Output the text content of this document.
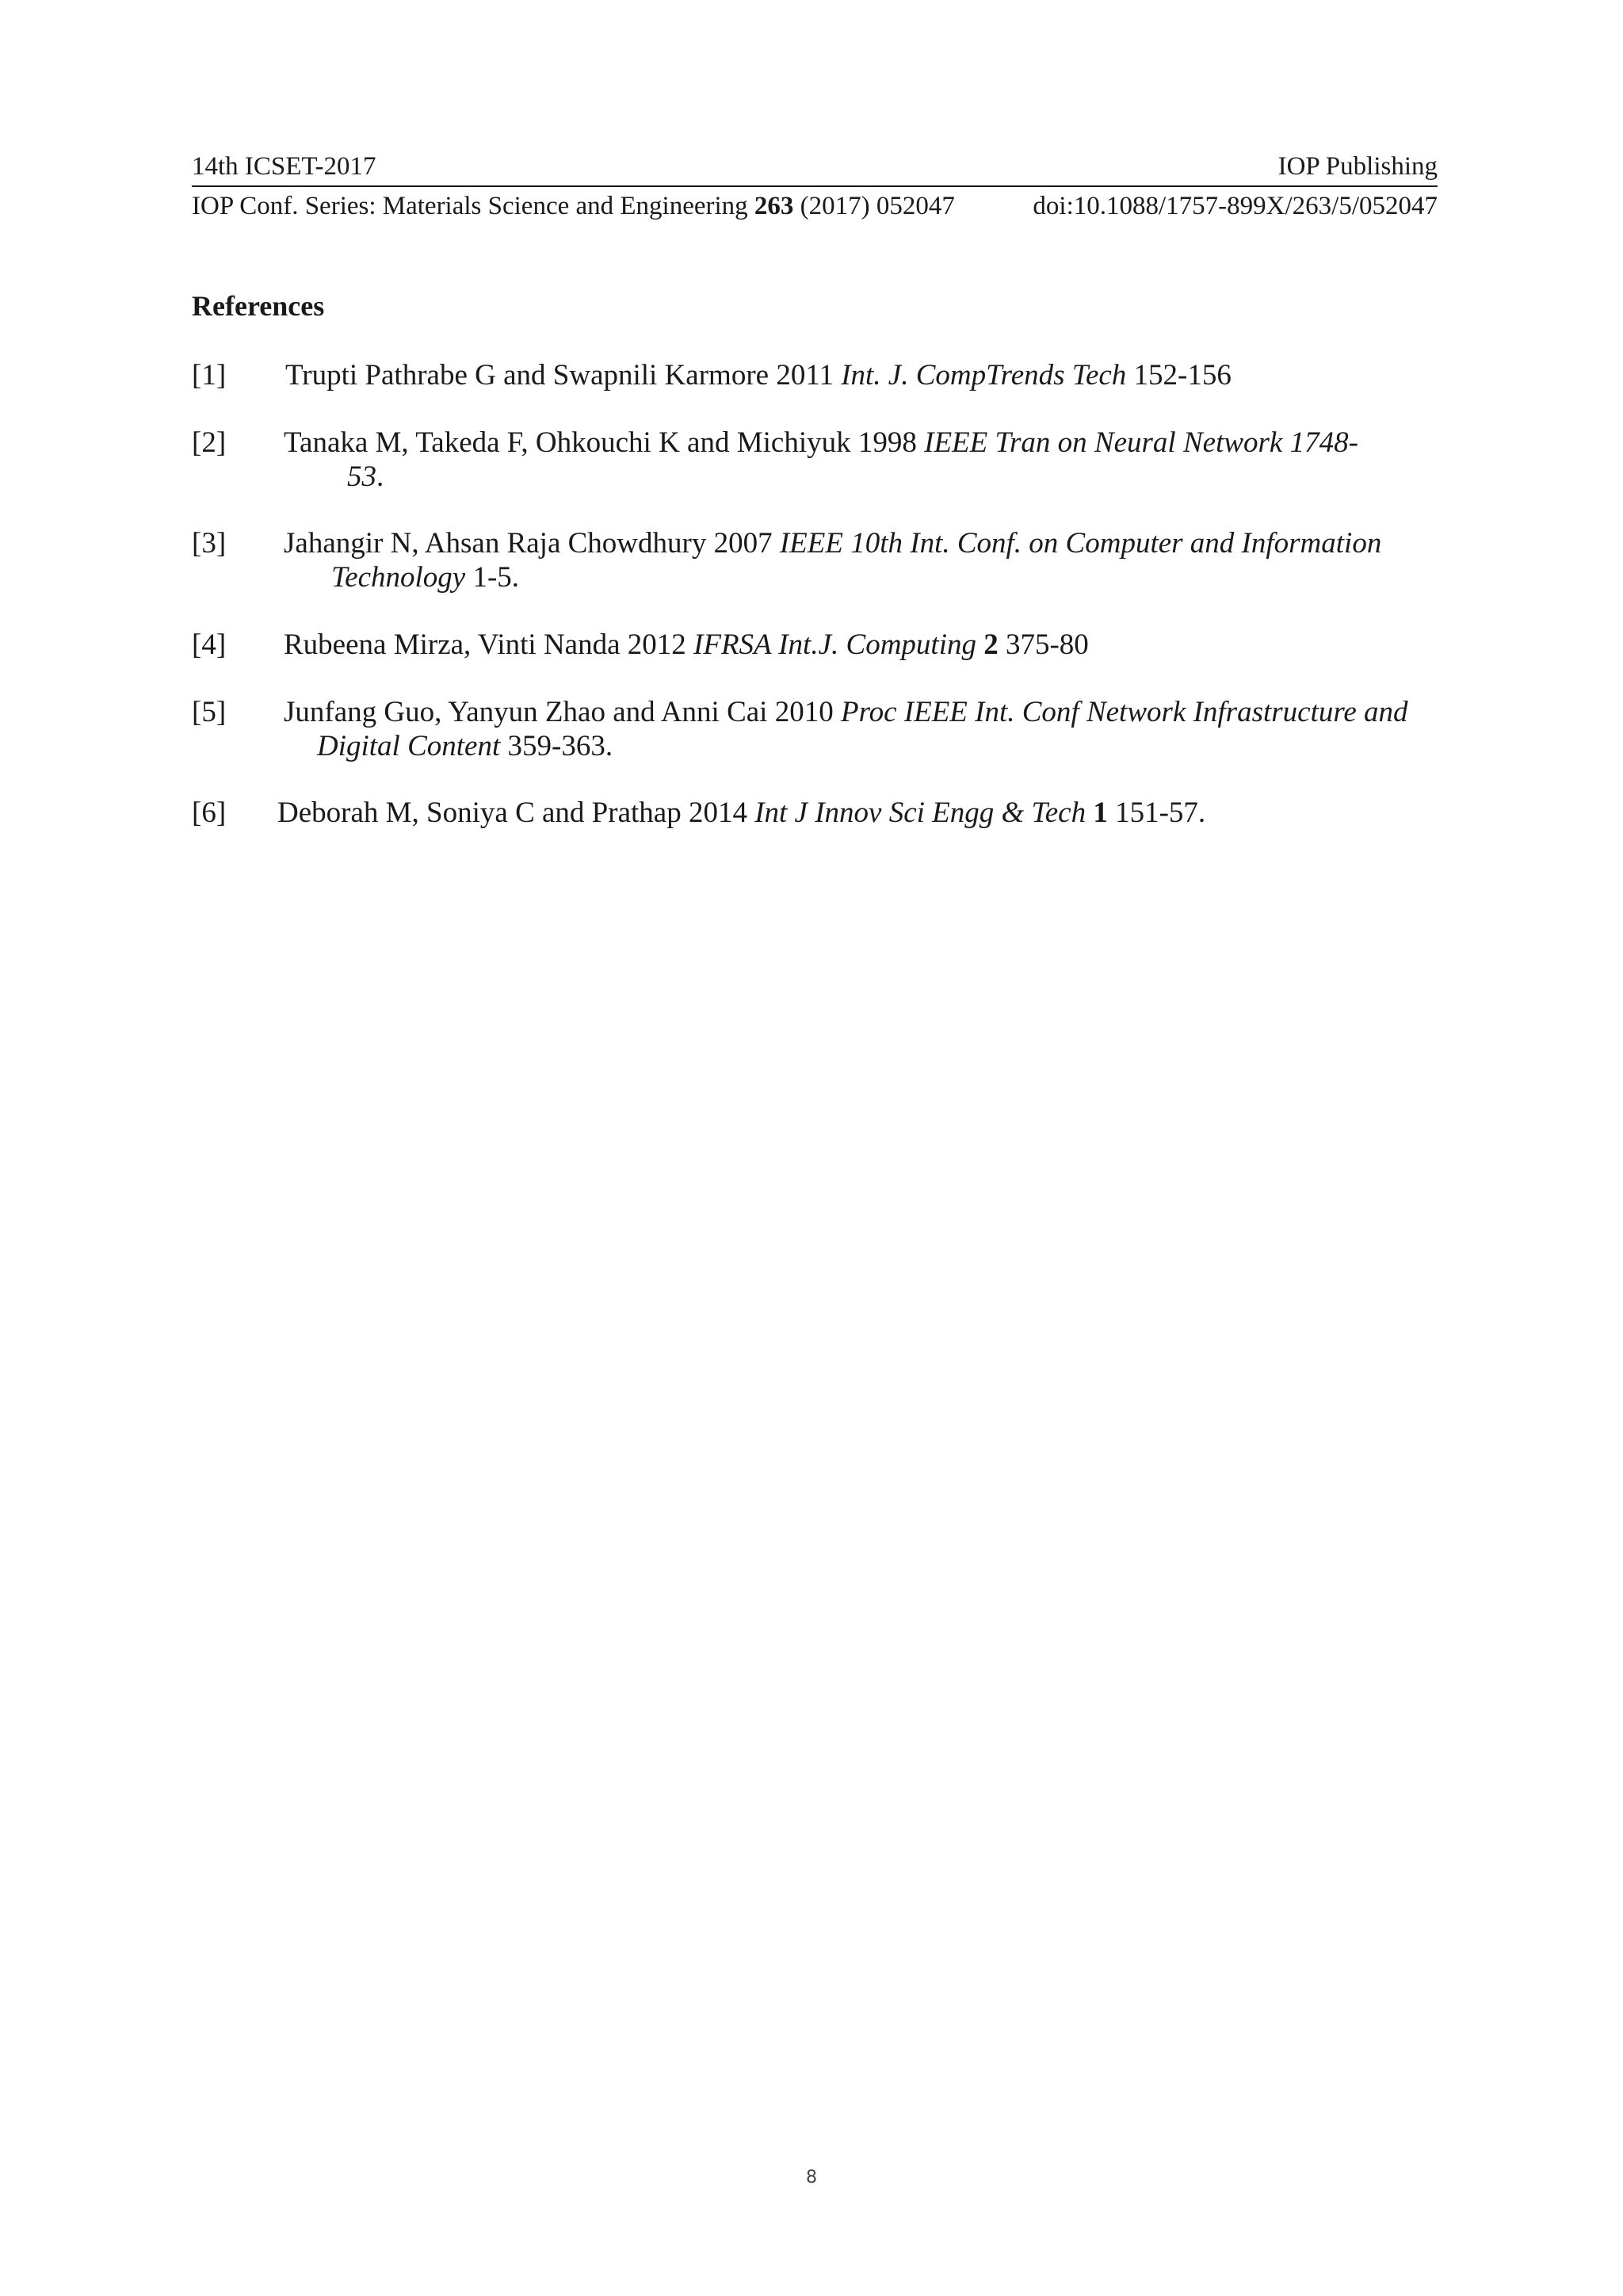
14th ICSET-2017	IOP Publishing
IOP Conf. Series: Materials Science and Engineering 263 (2017) 052047	doi:10.1088/1757-899X/263/5/052047
References
[1]	Trupti Pathrabe G and Swapnili Karmore 2011 Int. J. CompTrends Tech 152-156
[2]	Tanaka M, Takeda F, Ohkouchi K and Michiyuk 1998 IEEE Tran on Neural Network 1748-
53.
[3]	Jahangir N, Ahsan Raja Chowdhury 2007 IEEE 10th Int. Conf. on Computer and Information
Technology 1-5.
[4]	Rubeena Mirza, Vinti Nanda 2012 IFRSA Int.J. Computing 2 375-80
[5]	Junfang Guo, Yanyun Zhao and Anni Cai 2010 Proc IEEE Int. Conf Network Infrastructure and
Digital Content 359-363.
[6]	Deborah M, Soniya C and Prathap 2014 Int J Innov Sci Engg & Tech 1 151-57.
8
